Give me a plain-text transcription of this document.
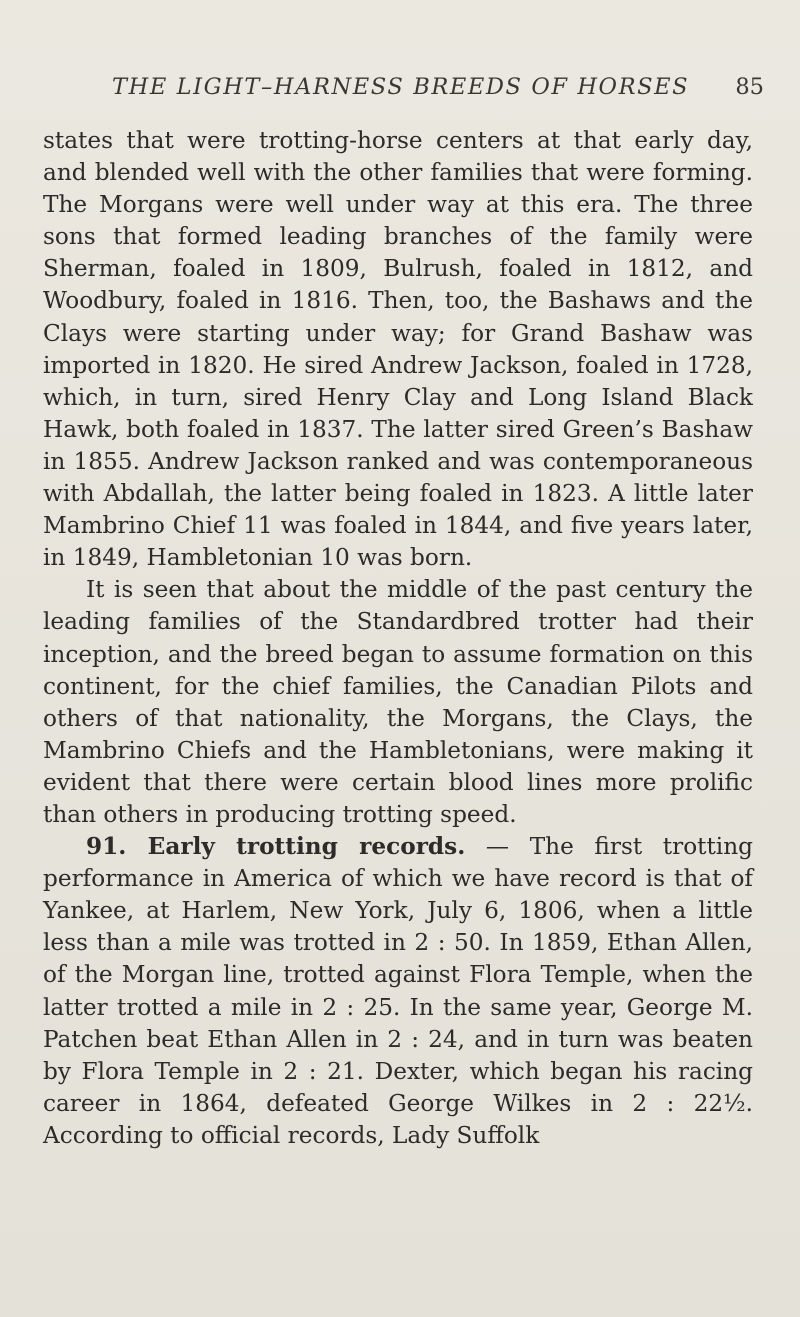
THE LIGHT–HARNESS BREEDS OF HORSES 85

states that were trotting-horse centers at that early day, and blended well with the other families that were forming. The Morgans were well under way at this era. The three sons that formed leading branches of the family were Sherman, foaled in 1809, Bulrush, foaled in 1812, and Woodbury, foaled in 1816. Then, too, the Bashaws and the Clays were starting under way; for Grand Bashaw was imported in 1820. He sired Andrew Jackson, foaled in 1728, which, in turn, sired Henry Clay and Long Island Black Hawk, both foaled in 1837. The latter sired Green’s Bashaw in 1855. Andrew Jackson ranked and was contemporaneous with Abdallah, the latter being foaled in 1823. A little later Mambrino Chief 11 was foaled in 1844, and five years later, in 1849, Hambletonian 10 was born.

It is seen that about the middle of the past century the leading families of the Standardbred trotter had their inception, and the breed began to assume formation on this continent, for the chief families, the Canadian Pilots and others of that nationality, the Morgans, the Clays, the Mambrino Chiefs and the Hambletonians, were making it evident that there were certain blood lines more prolific than others in producing trotting speed.

91. Early trotting records. — The first trotting performance in America of which we have record is that of Yankee, at Harlem, New York, July 6, 1806, when a little less than a mile was trotted in 2 : 50. In 1859, Ethan Allen, of the Morgan line, trotted against Flora Temple, when the latter trotted a mile in 2 : 25. In the same year, George M. Patchen beat Ethan Allen in 2 : 24, and in turn was beaten by Flora Temple in 2 : 21. Dexter, which began his racing career in 1864, defeated George Wilkes in 2 : 22½. According to official records, Lady Suffolk
